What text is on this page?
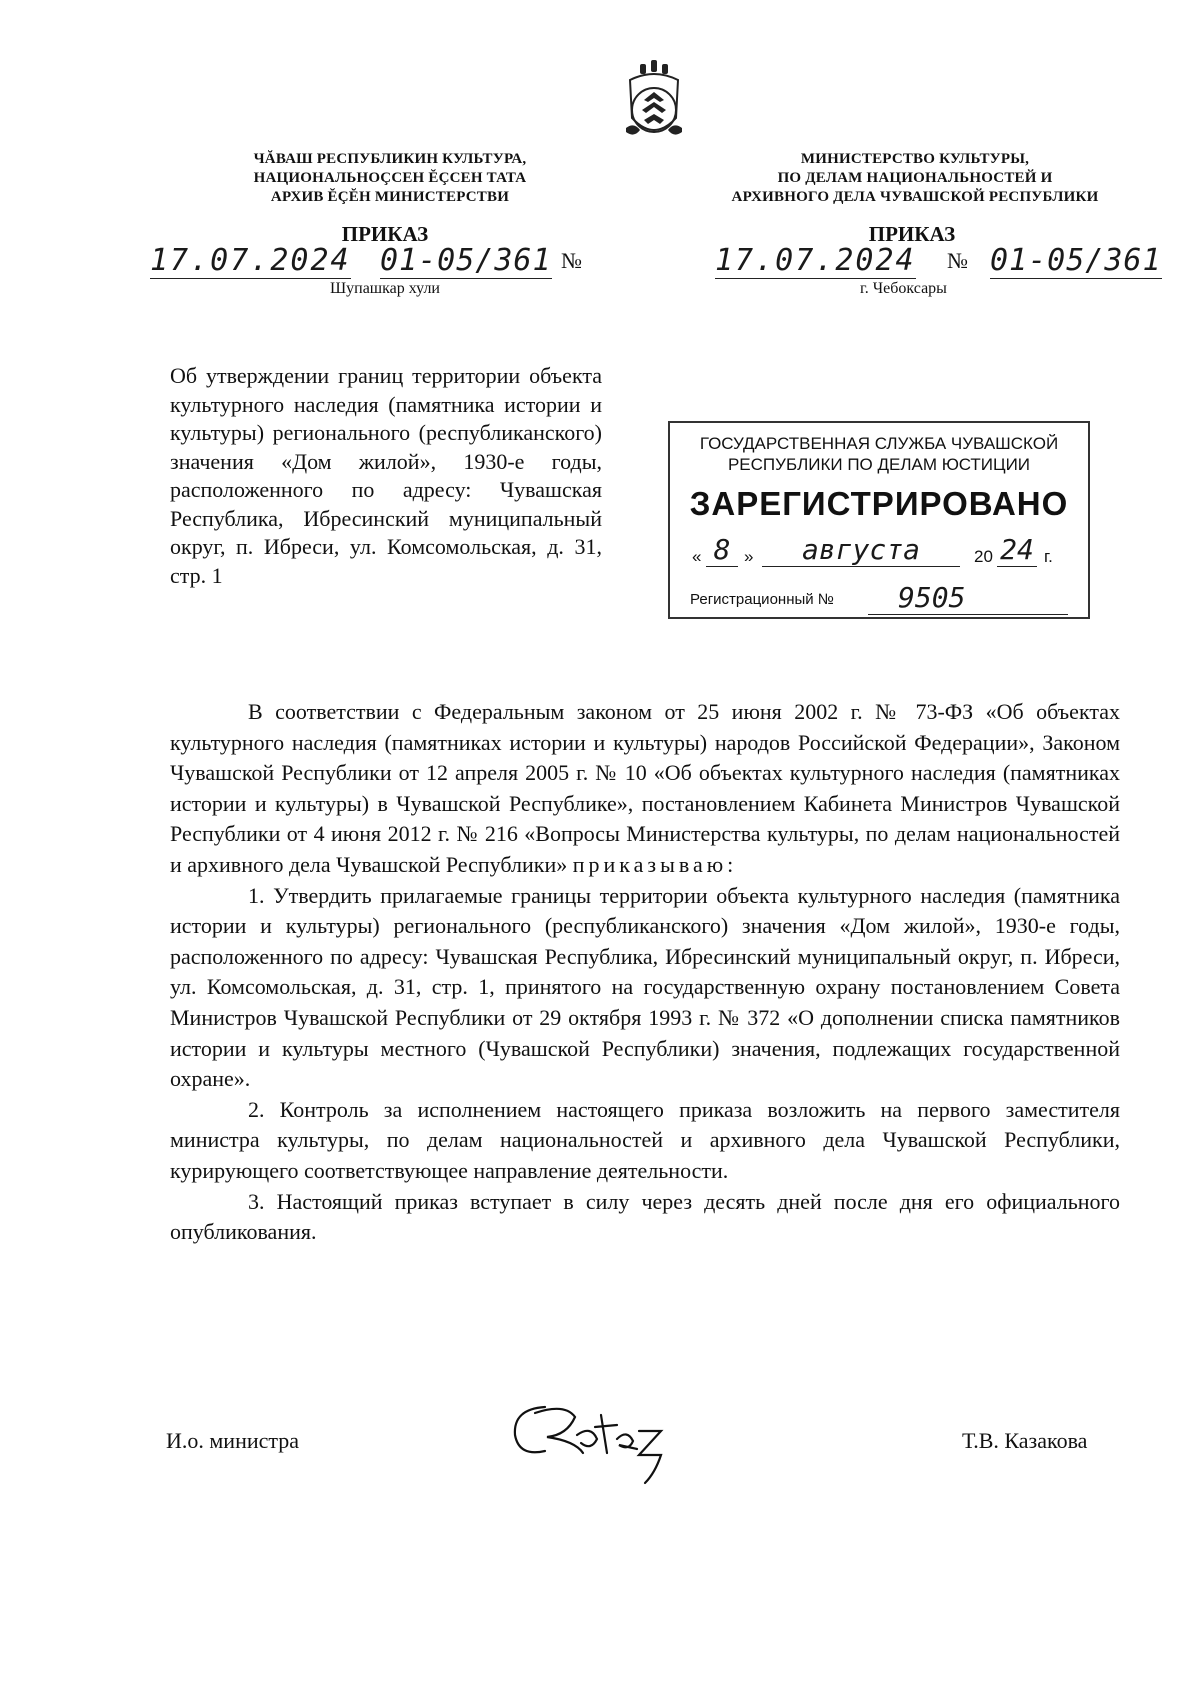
ЧĂВАШ РЕСПУБЛИКИН КУЛЬТУРА,
НАЦИОНАЛЬНОÇСЕН ĔÇСЕН ТАТА
АРХИВ ĔÇĔН МИНИСТЕРСТВИ
МИНИСТЕРСТВО КУЛЬТУРЫ,
ПО ДЕЛАМ НАЦИОНАЛЬНОСТЕЙ И
АРХИВНОГО ДЕЛА ЧУВАШСКОЙ РЕСПУБЛИКИ
ПРИКАЗ	ПРИКАЗ
17.07.2024 01-05/361 №	17.07.2024 № 01-05/361
Шупашкар хули	г. Чебоксары
Об утверждении границ территории объекта культурного наследия (памятника истории и культуры) регионального (республиканского) значения «Дом жилой», 1930-е годы, расположенного по адресу: Чувашская Республика, Ибресинский муниципальный округ, п. Ибреси, ул. Комсомольская, д. 31, стр. 1
ГОСУДАРСТВЕННАЯ СЛУЖБА ЧУВАШСКОЙ
РЕСПУБЛИКИ ПО ДЕЛАМ ЮСТИЦИИ
ЗАРЕГИСТРИРОВАНО
« 8 »	августа	20 24 г.
Регистрационный №	9505

В соответствии с Федеральным законом от 25 июня 2002 г. № 73-ФЗ «Об объектах культурного наследия (памятниках истории и культуры) народов Российской Федерации», Законом Чувашской Республики от 12 апреля 2005 г. № 10 «Об объектах культурного наследия (памятниках истории и культуры) в Чувашской Республике», постановлением Кабинета Министров Чувашской Республики от 4 июня 2012 г. № 216 «Вопросы Министерства культуры, по делам национальностей и архивного дела Чувашской Республики» приказываю:

1. Утвердить прилагаемые границы территории объекта культурного наследия (памятника истории и культуры) регионального (республиканского) значения «Дом жилой», 1930-е годы, расположенного по адресу: Чувашская Республика, Ибресинский муниципальный округ, п. Ибреси, ул. Комсомольская, д. 31, стр. 1, принятого на государственную охрану постановлением Совета Министров Чувашской Республики от 29 октября 1993 г. № 372 «О дополнении списка памятников истории и культуры местного (Чувашской Республики) значения, подлежащих государственной охране».

2. Контроль за исполнением настоящего приказа возложить на первого заместителя министра культуры, по делам национальностей и архивного дела Чувашской Республики, курирующего соответствующее направление деятельности.

3. Настоящий приказ вступает в силу через десять дней после дня его официального опубликования.

И.о. министра	Т.В. Казакова
